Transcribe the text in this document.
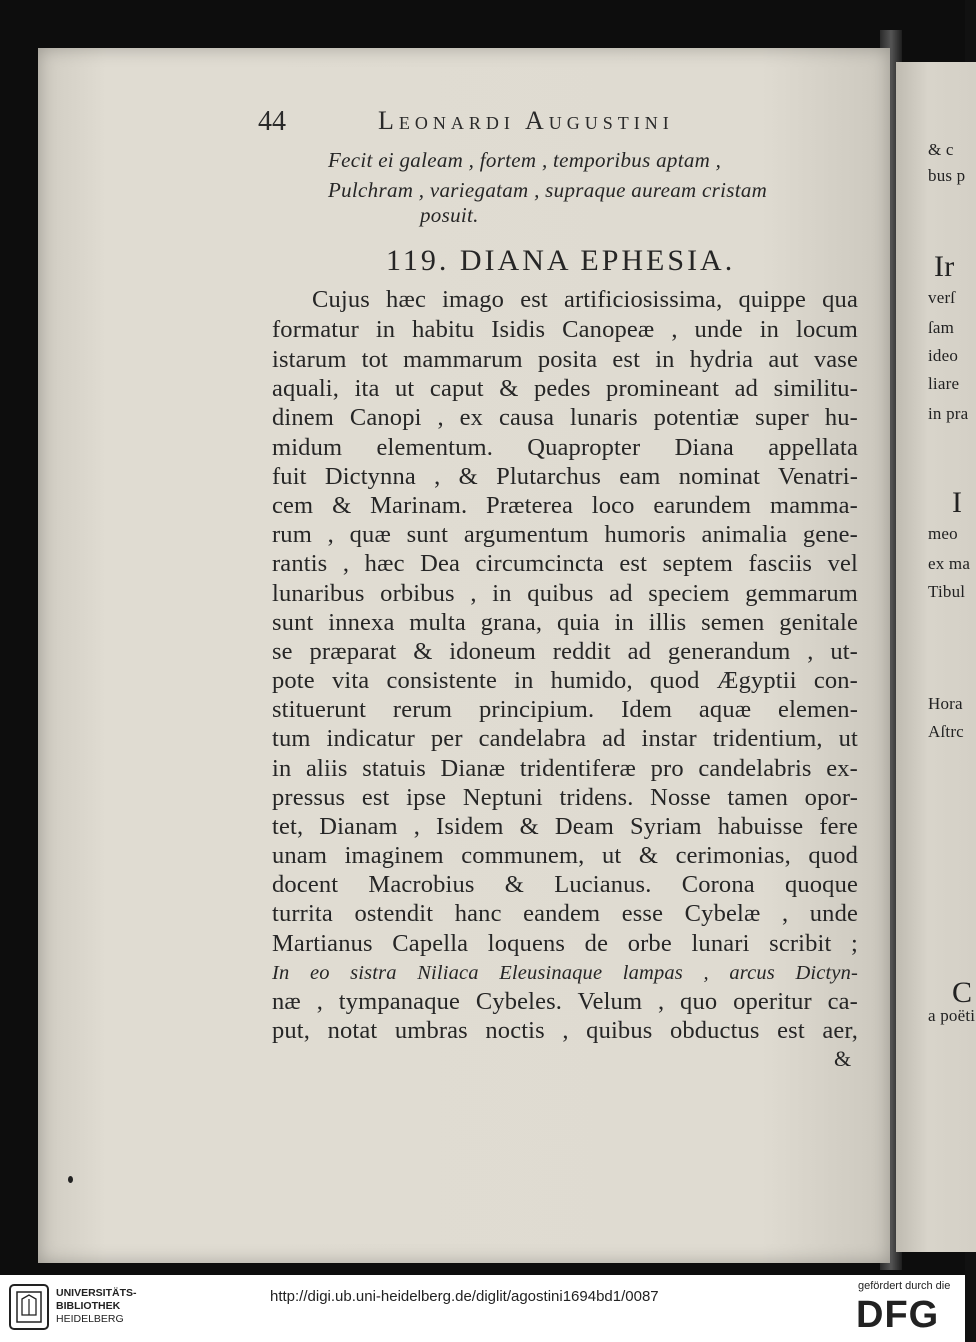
& c
bus p
Ir
verſ
ſam
ideo
liare
in pra
I
meo
ex ma
Tibul
Hora
Aſtrc
C
a poëti
44	Leonardi Augustini
Fecit ei galeam , fortem , temporibus aptam ,
Pulchram , variegatam , supraque auream cristam
posuit.
119. DIANA EPHESIA.
Cujus hæc imago est artificiosissima, quippe qua
formatur in habitu Isidis Canopeæ , unde in locum
istarum tot mammarum posita est in hydria aut vase
aquali, ita ut caput & pedes promineant ad similitu-
dinem Canopi , ex causa lunaris potentiæ super hu-
midum elementum. Quapropter Diana appellata
fuit Dictynna , & Plutarchus eam nominat Venatri-
cem & Marinam. Præterea loco earundem mamma-
rum , quæ sunt argumentum humoris animalia gene-
rantis , hæc Dea circumcincta est septem fasciis vel
lunaribus orbibus , in quibus ad speciem gemmarum
sunt innexa multa grana, quia in illis semen genitale
se præparat & idoneum reddit ad generandum , ut-
pote vita consistente in humido, quod Ægyptii con-
stituerunt rerum principium. Idem aquæ elemen-
tum indicatur per candelabra ad instar tridentium, ut
in aliis statuis Dianæ tridentiferæ pro candelabris ex-
pressus est ipse Neptuni tridens. Nosse tamen opor-
tet, Dianam , Isidem & Deam Syriam habuisse fere
unam imaginem communem, ut & cerimonias, quod
docent Macrobius & Lucianus. Corona quoque
turrita ostendit hanc eandem esse Cybelæ , unde
Martianus Capella loquens de orbe lunari scribit ;
In eo sistra Niliaca Eleusinaque lampas , arcus Dictyn-
næ , tympanaque Cybeles. Velum , quo operitur ca-
put, notat umbras noctis , quibus obductus est aer,
&
UNIVERSITÄTS-
BIBLIOTHEK
HEIDELBERG
http://digi.ub.uni-heidelberg.de/diglit/agostini1694bd1/0087
gefördert durch die
DFG
